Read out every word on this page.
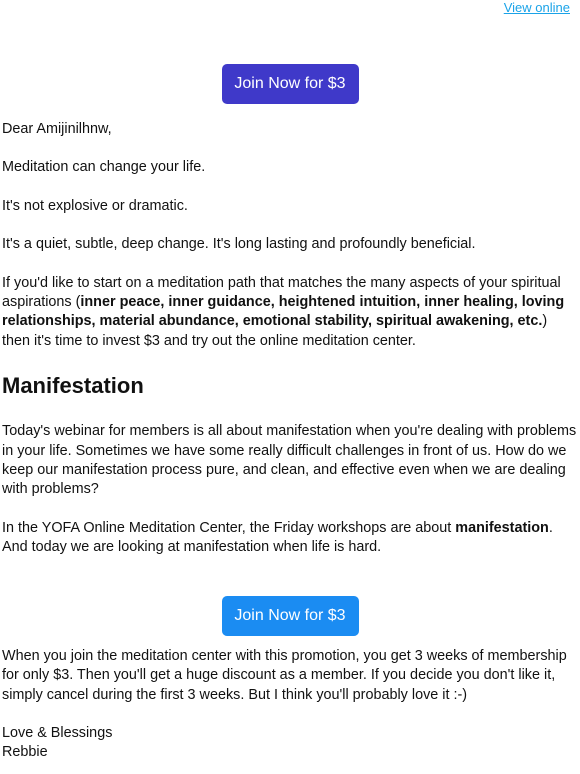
View online
Join Now for $3

Dear Amijinilhnw,

Meditation can change your life.

It's not explosive or dramatic.

It's a quiet, subtle, deep change. It's long lasting and profoundly beneficial.

If you'd like to start on a meditation path that matches the many aspects of your spiritual aspirations (inner peace, inner guidance, heightened intuition, inner healing, loving relationships, material abundance, emotional stability, spiritual awakening, etc.) then it's time to invest $3 and try out the online meditation center.

Manifestation

Today's webinar for members is all about manifestation when you're dealing with problems in your life. Sometimes we have some really difficult challenges in front of us. How do we keep our manifestation process pure, and clean, and effective even when we are dealing with problems?

In the YOFA Online Meditation Center, the Friday workshops are about manifestation. And today we are looking at manifestation when life is hard.

Join Now for $3

When you join the meditation center with this promotion, you get 3 weeks of membership for only $3. Then you'll get a huge discount as a member. If you decide you don't like it, simply cancel during the first 3 weeks. But I think you'll probably love it :-)

Love & Blessings

Rebbie
